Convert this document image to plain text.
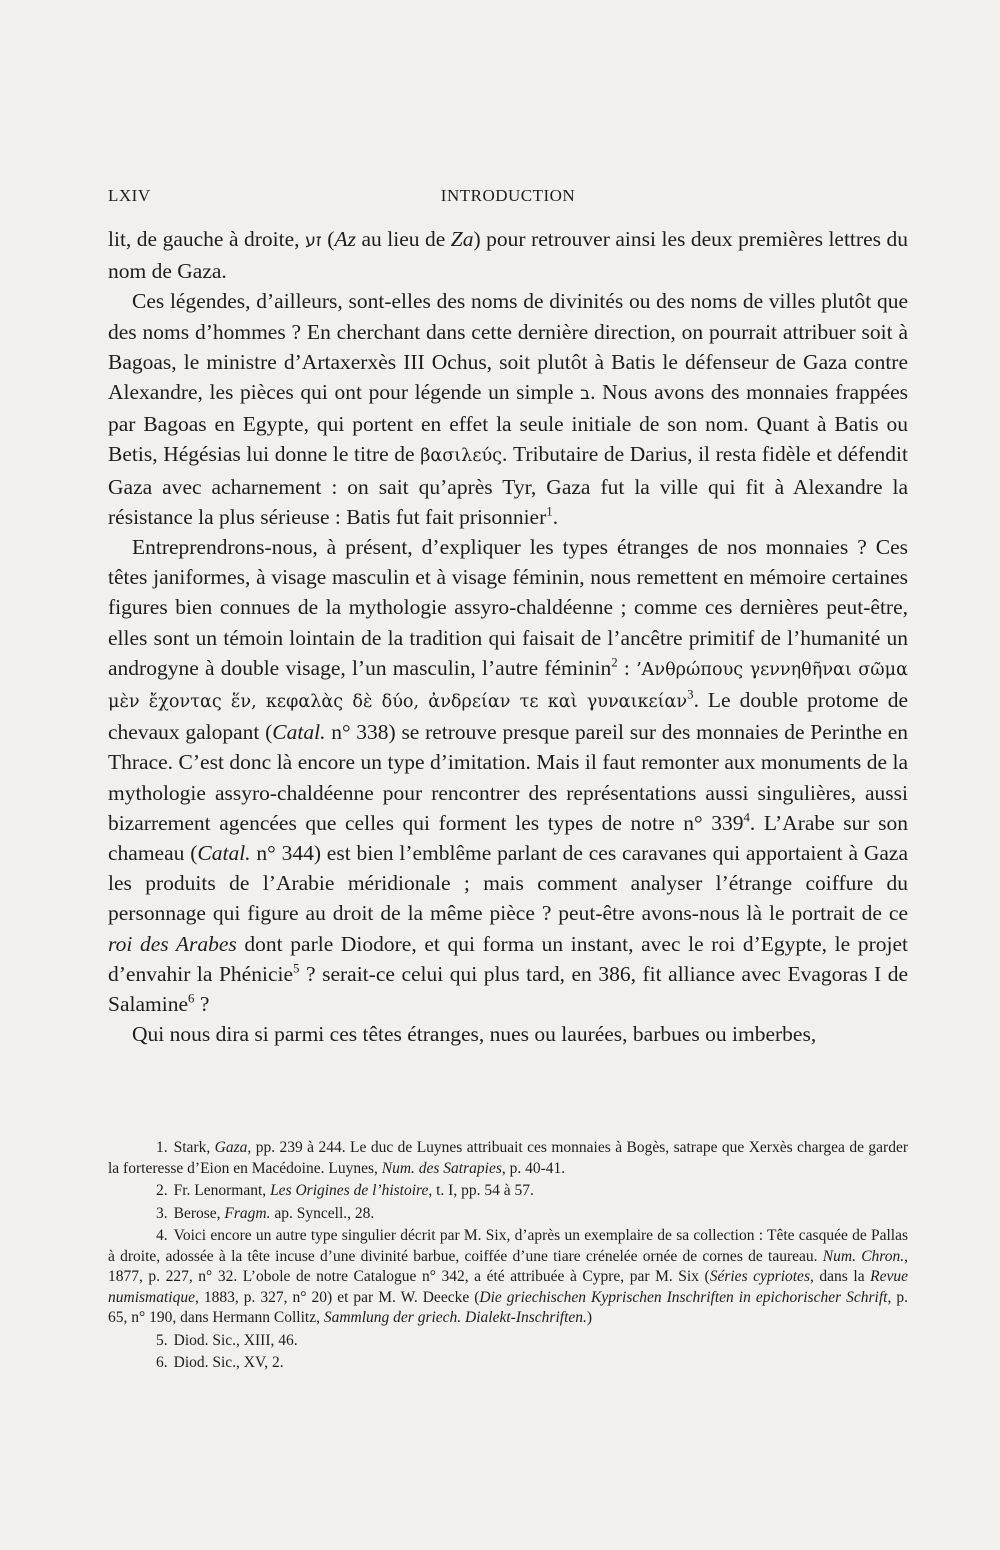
LXIV	INTRODUCTION

lit, de gauche à droite, זע (Az au lieu de Za) pour retrouver ainsi les deux premières lettres du nom de Gaza.

Ces légendes, d’ailleurs, sont-elles des noms de divinités ou des noms de villes plutôt que des noms d’hommes ? En cherchant dans cette dernière direction, on pourrait attribuer soit à Bagoas, le ministre d’Artaxerxès III Ochus, soit plutôt à Batis le défenseur de Gaza contre Alexandre, les pièces qui ont pour légende un simple ב. Nous avons des monnaies frappées par Bagoas en Egypte, qui portent en effet la seule initiale de son nom. Quant à Batis ou Betis, Hégésias lui donne le titre de βασιλεύς. Tributaire de Darius, il resta fidèle et défendit Gaza avec acharnement : on sait qu’après Tyr, Gaza fut la ville qui fit à Alexandre la résistance la plus sérieuse : Batis fut fait prisonnier$^1$.

Entreprendrons-nous, à présent, d’expliquer les types étranges de nos monnaies ? Ces têtes janiformes, à visage masculin et à visage féminin, nous remettent en mémoire certaines figures bien connues de la mythologie assyro-chaldéenne ; comme ces dernières peut-être, elles sont un témoin lointain de la tradition qui faisait de l’ancêtre primitif de l’humanité un androgyne à double visage, l’un masculin, l’autre féminin$^2$ : ’Ανθρώπους γεννηθῆναι σῶμα μὲν ἔχοντας ἕν, κεφαλὰς δὲ δύο, ἀνδρείαν τε καὶ γυναικείαν$^3$. Le double protome de chevaux galopant (Catal. n° 338) se retrouve presque pareil sur des monnaies de Perinthe en Thrace. C’est donc là encore un type d’imitation. Mais il faut remonter aux monuments de la mythologie assyro-chaldéenne pour rencontrer des représentations aussi singulières, aussi bizarrement agencées que celles qui forment les types de notre n° $339^4$. L’Arabe sur son chameau (Catal. n° 344) est bien l’emblême parlant de ces caravanes qui apportaient à Gaza les produits de l’Arabie méridionale ; mais comment analyser l’étrange coiffure du personnage qui figure au droit de la même pièce ? peut-être avons-nous là le portrait de ce roi des Arabes dont parle Diodore, et qui forma un instant, avec le roi d’Egypte, le projet d’envahir la Phénicie$^5$ ? serait-ce celui qui plus tard, en 386, fit alliance avec Evagoras I de Salamine$^6$ ?

Qui nous dira si parmi ces têtes étranges, nues ou laurées, barbues ou imberbes,

1. Stark, Gaza, pp. 239 à 244. Le duc de Luynes attribuait ces monnaies à Bogès, satrape que Xerxès chargea de garder la forteresse d’Eion en Macédoine. Luynes, Num. des Satrapies, p. 40-41.

2. Fr. Lenormant, Les Origines de l’histoire, t. I, pp. 54 à 57.

3. Berose, Fragm. ap. Syncell., 28.

4. Voici encore un autre type singulier décrit par M. Six, d’après un exemplaire de sa collection : Tête casquée de Pallas à droite, adossée à la tête incuse d’une divinité barbue, coiffée d’une tiare crénelée ornée de cornes de taureau. Num. Chron., 1877, p. 227, n° 32. L’obole de notre Catalogue n° 342, a été attribuée à Cypre, par M. Six (Séries cypriotes, dans la Revue numismatique, 1883, p. 327, n° 20) et par M. W. Deecke (Die griechischen Kyprischen Inschriften in epichorischer Schrift, p. 65, n° 190, dans Hermann Collitz, Sammlung der griech. Dialekt-Inschriften.)

5. Diod. Sic., XIII, 46.

6. Diod. Sic., XV, 2.
